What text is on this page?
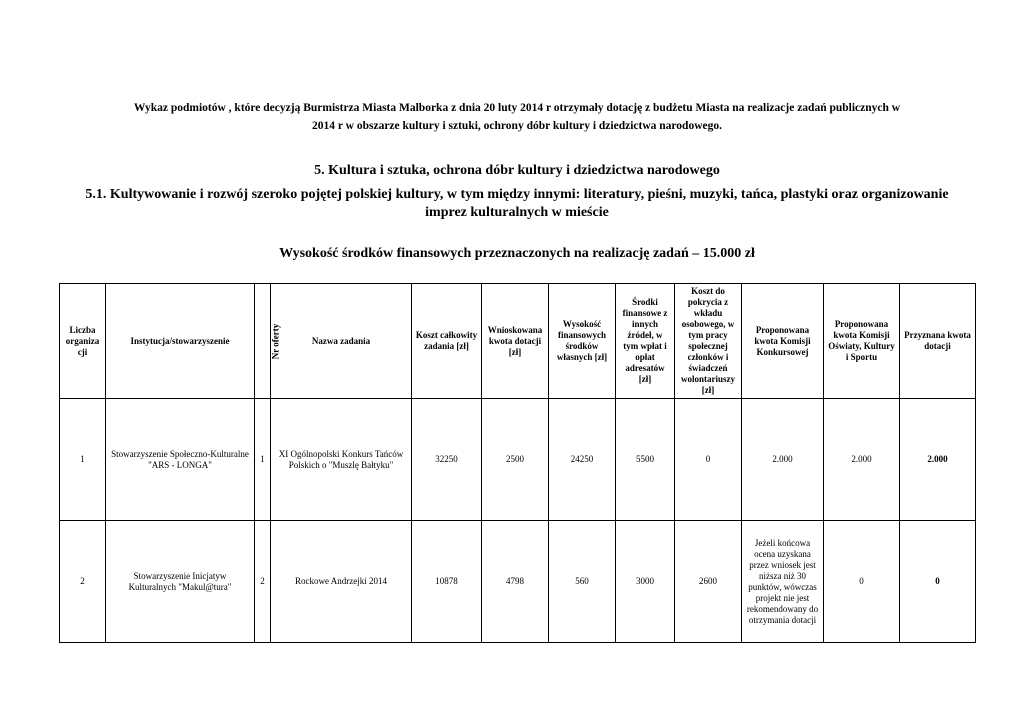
Wykaz podmiotów , które decyzją Burmistrza Miasta Malborka z dnia 20 luty 2014 r otrzymały dotację z budżetu Miasta na realizacje zadań publicznych w
2014 r w obszarze kultury i sztuki, ochrony dóbr kultury i dziedzictwa narodowego.
5. Kultura i sztuka, ochrona dóbr kultury i dziedzictwa narodowego
5.1. Kultywowanie i rozwój szeroko pojętej polskiej kultury, w tym między innymi: literatury, pieśni, muzyki, tańca, plastyki oraz organizowanie
imprez kulturalnych w mieście
Wysokość środków finansowych przeznaczonych na realizację zadań – 15.000 zł
Liczba organiza cji	Instytucja/stowarzyszenie	Nr oferty	Nazwa zadania	Koszt całkowity zadania [zł]	Wnioskowana kwota dotacji [zł]	Wysokość finansowych środków własnych [zł]	Środki finansowe z innych źródeł, w tym wpłat i opłat adresatów [zł]	Koszt do pokrycia z wkładu osobowego, w tym pracy społecznej członków i świadczeń wolontariuszy [zł]	Proponowana kwota Komisji Konkursowej	Proponowana kwota Komisji Oświaty, Kultury i Sportu	Przyznana kwota dotacji
1	Stowarzyszenie Społeczno-Kulturalne "ARS - LONGA"	1	XI Ogólnopolski Konkurs Tańców Polskich o "Muszlę Bałtyku"	32250	2500	24250	5500	0	2.000	2.000	2.000
2	Stowarzyszenie Inicjatyw Kulturalnych "Makul@tura"	2	Rockowe Andrzejki 2014	10878	4798	560	3000	2600	Jeżeli końcowa ocena uzyskana przez wniosek jest niższa niż 30 punktów, wówczas projekt nie jest rekomendowany do otrzymania dotacji	0	0
